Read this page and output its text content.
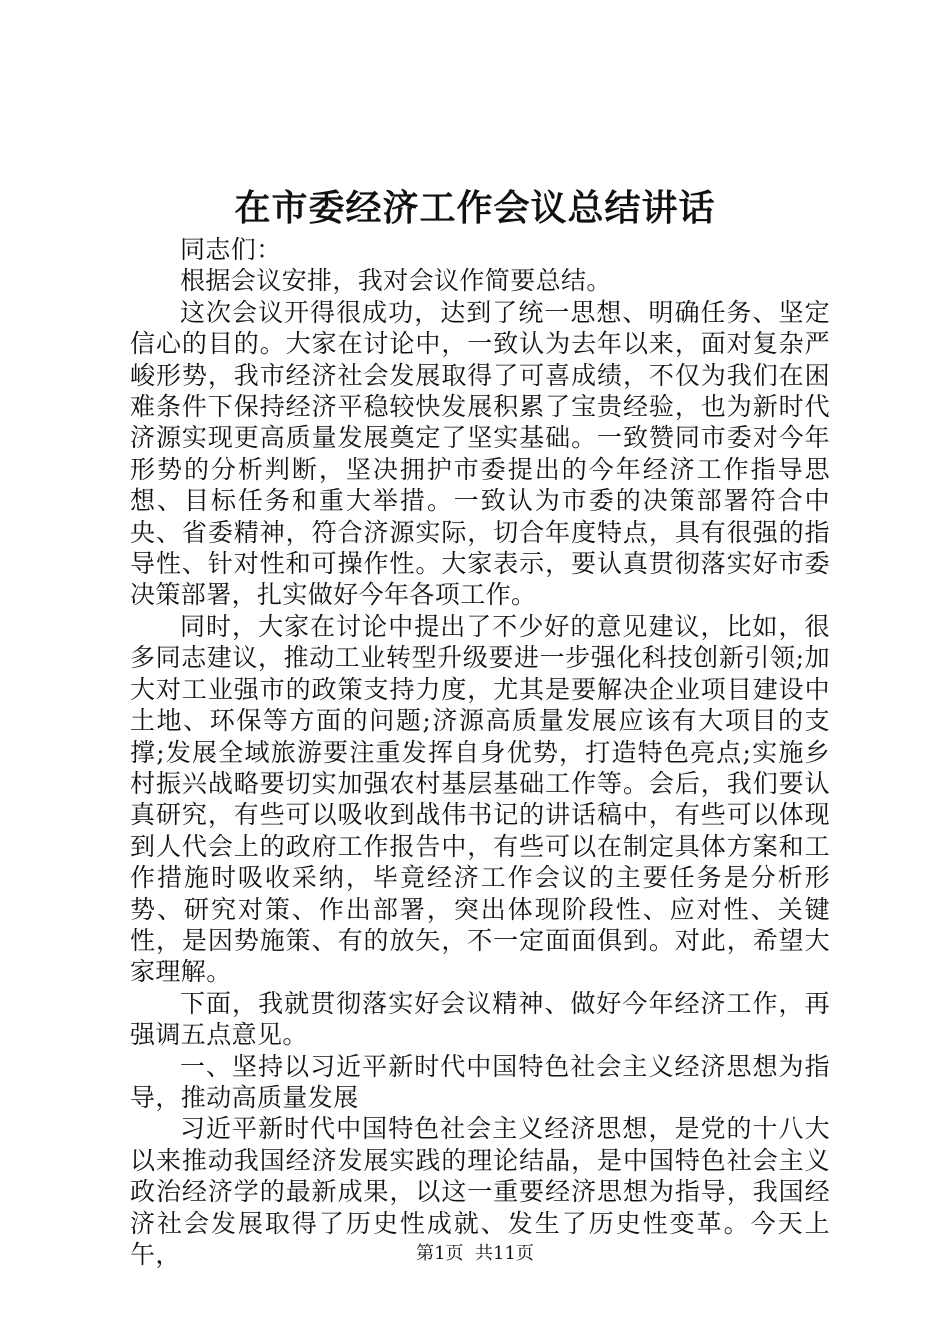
在市委经济工作会议总结讲话

同志们：

根据会议安排，我对会议作简要总结。

这次会议开得很成功，达到了统一思想、明确任务、坚定信心的目的。大家在讨论中，一致认为去年以来，面对复杂严峻形势，我市经济社会发展取得了可喜成绩，不仅为我们在困难条件下保持经济平稳较快发展积累了宝贵经验，也为新时代济源实现更高质量发展奠定了坚实基础。一致赞同市委对今年形势的分析判断，坚决拥护市委提出的今年经济工作指导思想、目标任务和重大举措。一致认为市委的决策部署符合中央、省委精神，符合济源实际，切合年度特点，具有很强的指导性、针对性和可操作性。大家表示，要认真贯彻落实好市委决策部署，扎实做好今年各项工作。

同时，大家在讨论中提出了不少好的意见建议，比如，很多同志建议，推动工业转型升级要进一步强化科技创新引领;加大对工业强市的政策支持力度，尤其是要解决企业项目建设中土地、环保等方面的问题;济源高质量发展应该有大项目的支撑;发展全域旅游要注重发挥自身优势，打造特色亮点;实施乡村振兴战略要切实加强农村基层基础工作等。会后，我们要认真研究，有些可以吸收到战伟书记的讲话稿中，有些可以体现到人代会上的政府工作报告中，有些可以在制定具体方案和工作措施时吸收采纳，毕竟经济工作会议的主要任务是分析形势、研究对策、作出部署，突出体现阶段性、应对性、关键性，是因势施策、有的放矢，不一定面面俱到。对此，希望大家理解。

下面，我就贯彻落实好会议精神、做好今年经济工作，再强调五点意见。

一、坚持以习近平新时代中国特色社会主义经济思想为指导，推动高质量发展

习近平新时代中国特色社会主义经济思想，是党的十八大以来推动我国经济发展实践的理论结晶，是中国特色社会主义政治经济学的最新成果，以这一重要经济思想为指导，我国经济社会发展取得了历史性成就、发生了历史性变革。今天上午，	第1页  共11页
